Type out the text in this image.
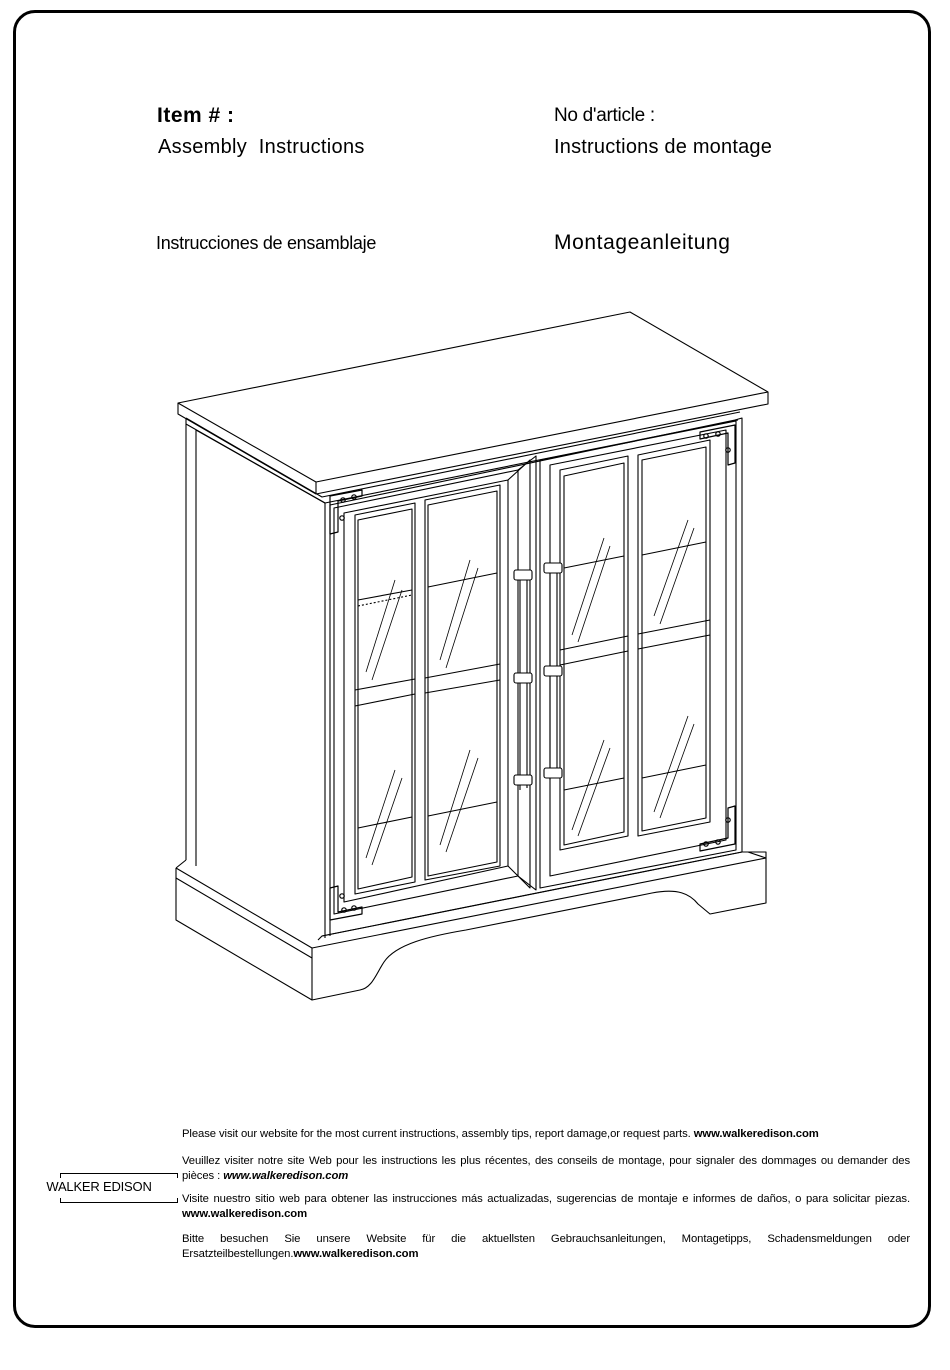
Item # :
Assembly  Instructions
No d'article :
Instructions de montage
Instrucciones de ensamblaje	Montageanleitung
WALKER EDISON
Please visit our website for the most current instructions, assembly tips, report damage,or request parts. www.walkeredison.com
Veuillez visiter notre site Web pour les instructions les plus récentes, des conseils de montage, pour signaler des dommages ou demander des pièces : www.walkeredison.com
Visite nuestro sitio web para obtener las instrucciones más actualizadas, sugerencias de montaje e informes de daños, o para solicitar piezas. www.walkeredison.com
Bitte besuchen Sie unsere Website für die aktuellsten Gebrauchsanleitungen, Montagetipps, Schadensmeldungen oder Ersatzteilbestellungen.www.walkeredison.com
